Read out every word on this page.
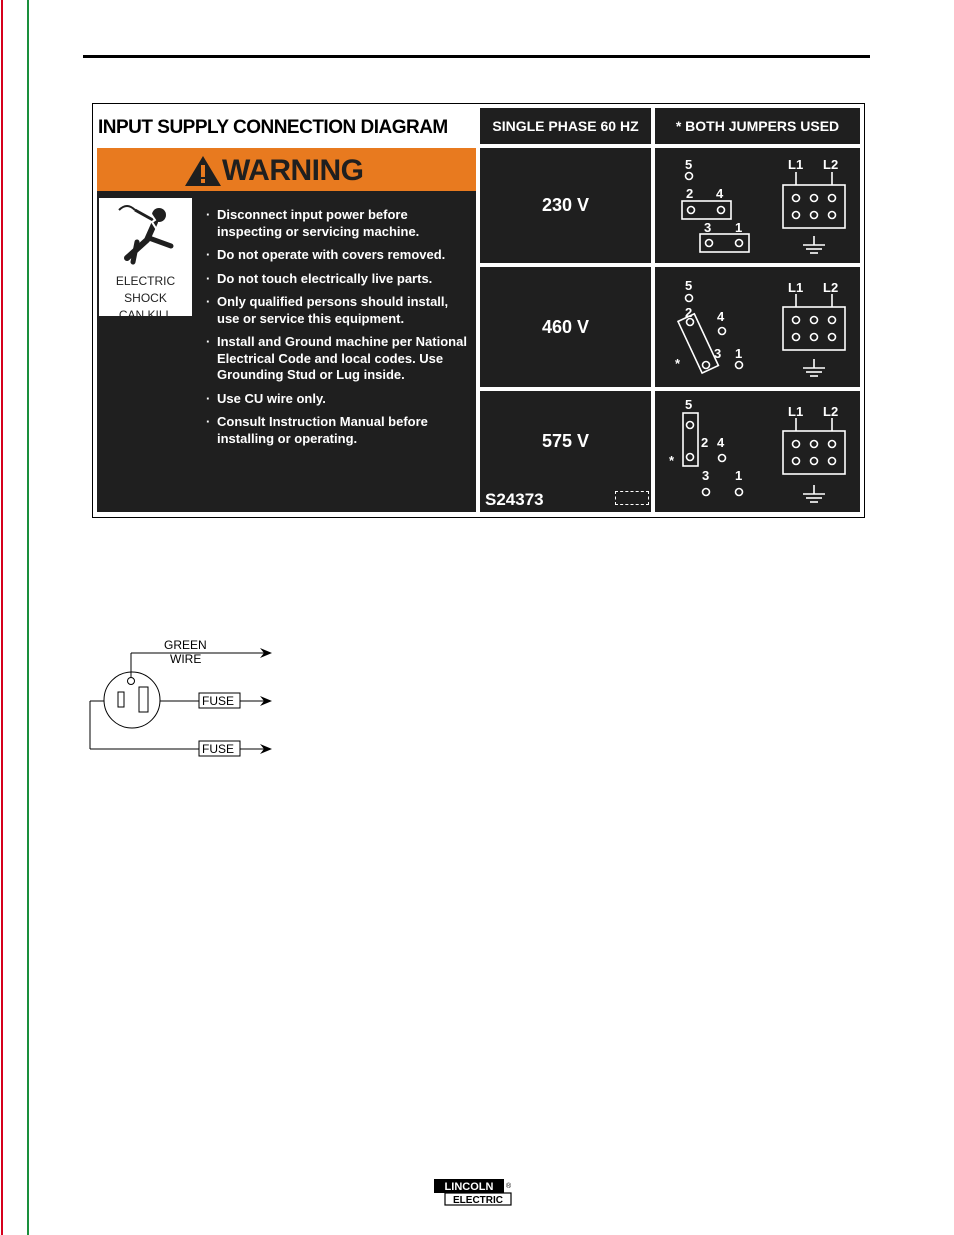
INPUT SUPPLY CONNECTION DIAGRAM	SINGLE PHASE 60 HZ	* BOTH JUMPERS USED
WARNING
ELECTRIC
SHOCK
CAN KILL
· Disconnect input power before inspecting or servicing machine.
· Do not operate with covers removed.
· Do not touch electrically live parts.
· Only qualified persons should install, use or service this equipment.
· Install and Ground machine per National Electrical Code and local codes. Use Grounding Stud or Lug inside.
· Use CU wire only.
· Consult Instruction Manual before installing or operating.
230 V
460 V
575 V
S24373
5
2 4
3 1
L1 L2
5
2 4
3 1
*
L1 L2
5
2 4
3 1
*
L1 L2
GREEN
WIRE
FUSE
FUSE
LINCOLN
ELECTRIC
®
